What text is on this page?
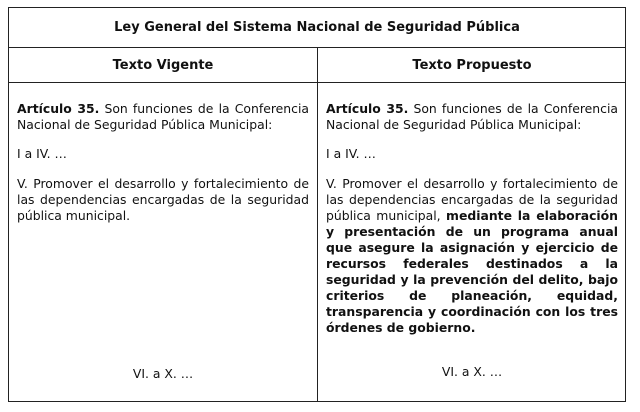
Ley General del Sistema Nacional de Seguridad Pública
Texto Vigente	Texto Propuesto

Artículo 35. Son funciones de la Conferencia Nacional de Seguridad Pública Municipal:

I a IV. …

V. Promover el desarrollo y fortalecimiento de las dependencias encargadas de la seguridad pública municipal.

VI. a X. …

Artículo 35. Son funciones de la Conferencia Nacional de Seguridad Pública Municipal:

I a IV. …

V. Promover el desarrollo y fortalecimiento de las dependencias encargadas de la seguridad pública municipal, mediante la elaboración y presentación de un programa anual que asegure la asignación y ejercicio de recursos federales destinados a la seguridad y la prevención del delito, bajo criterios de planeación, equidad, transparencia y coordinación con los tres órdenes de gobierno.

VI. a X. …
